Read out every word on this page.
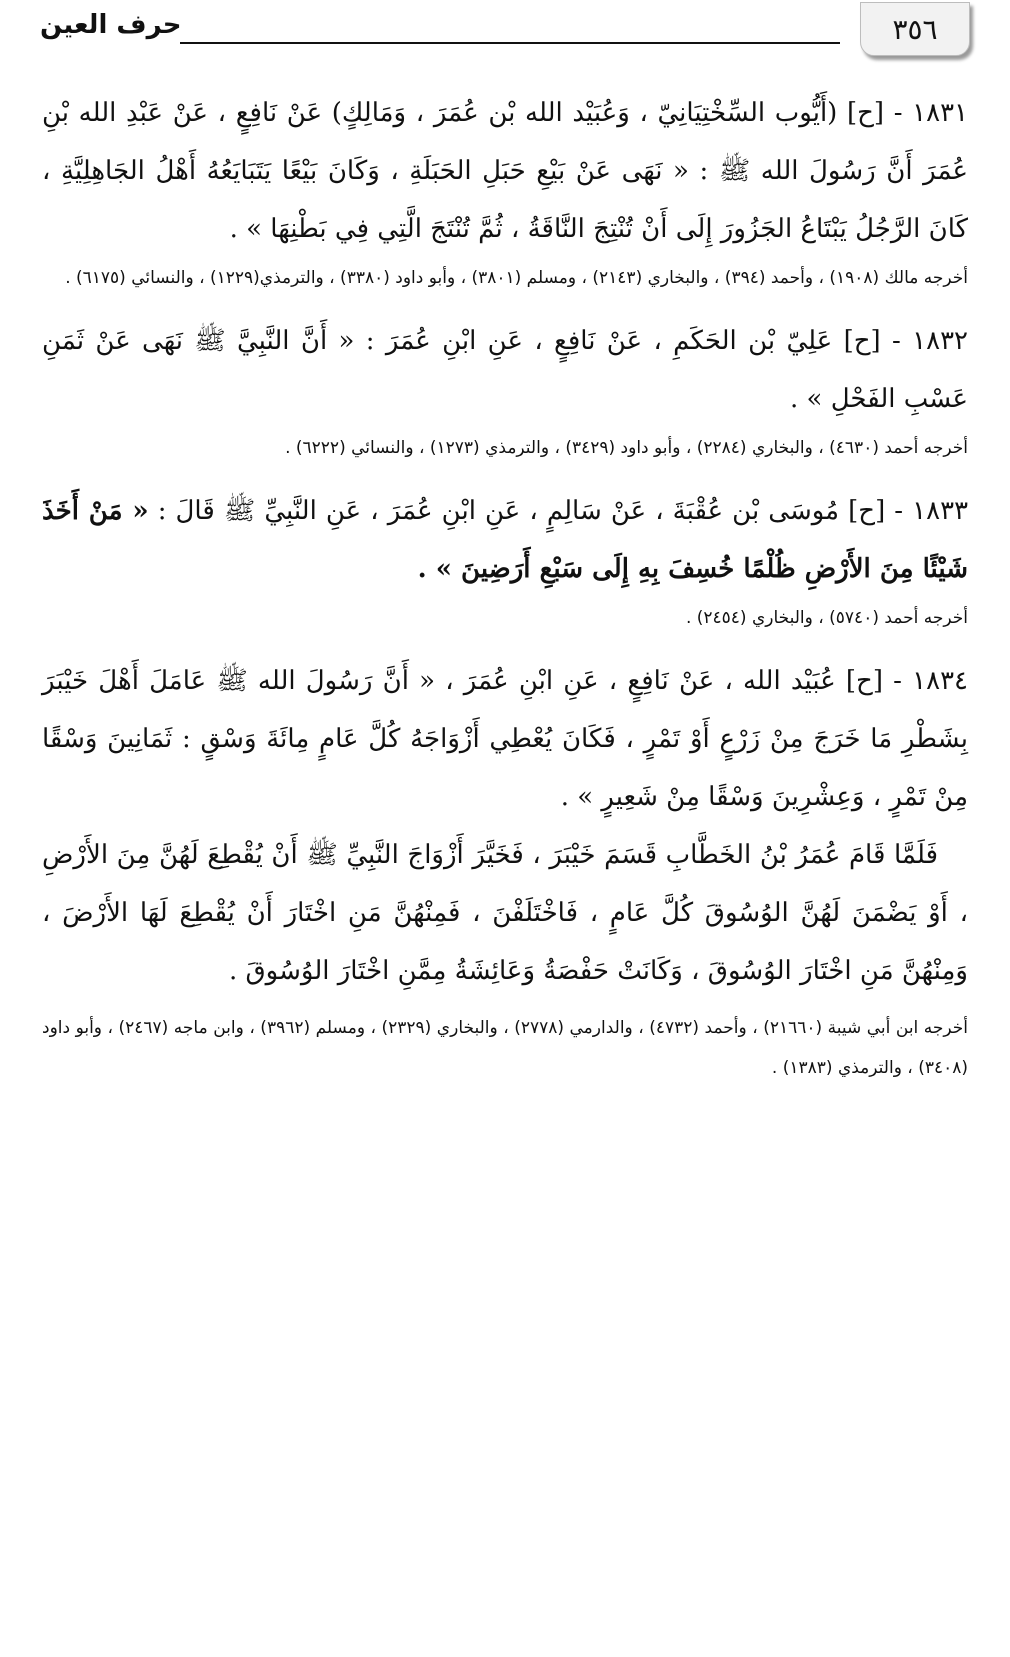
٣٥٦
حرف العين

١٨٣١ - [ح] (أَيُّوب السِّخْتِيَانِيّ ، وَعُبَيْد الله بْن عُمَرَ ، وَمَالِكٍ) عَنْ نَافِعٍ ، عَنْ عَبْدِ الله بْنِ عُمَرَ أَنَّ رَسُولَ الله ﷺ : « نَهَى عَنْ بَيْعِ حَبَلِ الحَبَلَةِ ، وَكَانَ بَيْعًا يَتَبَايَعُهُ أَهْلُ الجَاهِلِيَّةِ ، كَانَ الرَّجُلُ يَبْتَاعُ الجَزُورَ إِلَى أَنْ تُنْتِجَ النَّاقَةُ ، ثُمَّ تُنْتَجَ الَّتِي فِي بَطْنِهَا » .

أخرجه مالك (١٩٠٨) ، وأحمد (٣٩٤) ، والبخاري (٢١٤٣) ، ومسلم (٣٨٠١) ، وأبو داود (٣٣٨٠) ، والترمذي(١٢٢٩) ، والنسائي (٦١٧٥) .

١٨٣٢ - [ح] عَلِيّ بْن الحَكَمِ ، عَنْ نَافِعٍ ، عَنِ ابْنِ عُمَرَ : « أَنَّ النَّبِيَّ ﷺ نَهَى عَنْ ثَمَنِ عَسْبِ الفَحْلِ » .

أخرجه أحمد (٤٦٣٠) ، والبخاري (٢٢٨٤) ، وأبو داود (٣٤٢٩) ، والترمذي (١٢٧٣) ، والنسائي (٦٢٢٢) .

١٨٣٣ - [ح] مُوسَى بْن عُقْبَةَ ، عَنْ سَالِمٍ ، عَنِ ابْنِ عُمَرَ ، عَنِ النَّبِيِّ ﷺ قَالَ : « مَنْ أَخَذَ شَيْئًا مِنَ الأَرْضِ ظُلْمًا خُسِفَ بِهِ إِلَى سَبْعِ أَرَضِينَ » .

أخرجه أحمد (٥٧٤٠) ، والبخاري (٢٤٥٤) .

١٨٣٤ - [ح] عُبَيْد الله ، عَنْ نَافِعٍ ، عَنِ ابْنِ عُمَرَ ، « أَنَّ رَسُولَ الله ﷺ عَامَلَ أَهْلَ خَيْبَرَ بِشَطْرِ مَا خَرَجَ مِنْ زَرْعٍ أَوْ تَمْرٍ ، فَكَانَ يُعْطِي أَزْوَاجَهُ كُلَّ عَامٍ مِائَةَ وَسْقٍ : ثَمَانِينَ وَسْقًا مِنْ تَمْرٍ ، وَعِشْرِينَ وَسْقًا مِنْ شَعِيرٍ » .

فَلَمَّا قَامَ عُمَرُ بْنُ الخَطَّابِ قَسَمَ خَيْبَرَ ، فَخَيَّرَ أَزْوَاجَ النَّبِيِّ ﷺ أَنْ يُقْطِعَ لَهُنَّ مِنَ الأَرْضِ ، أَوْ يَضْمَنَ لَهُنَّ الوُسُوقَ كُلَّ عَامٍ ، فَاخْتَلَفْنَ ، فَمِنْهُنَّ مَنِ اخْتَارَ أَنْ يُقْطِعَ لَهَا الأَرْضَ ، وَمِنْهُنَّ مَنِ اخْتَارَ الوُسُوقَ ، وَكَانَتْ حَفْصَةُ وَعَائِشَةُ مِمَّنِ اخْتَارَ الوُسُوقَ .

أخرجه ابن أبي شيبة (٢١٦٦٠) ، وأحمد (٤٧٣٢) ، والدارمي (٢٧٧٨) ، والبخاري (٢٣٢٩) ، ومسلم (٣٩٦٢) ، وابن ماجه (٢٤٦٧) ، وأبو داود (٣٤٠٨) ، والترمذي (١٣٨٣) .
